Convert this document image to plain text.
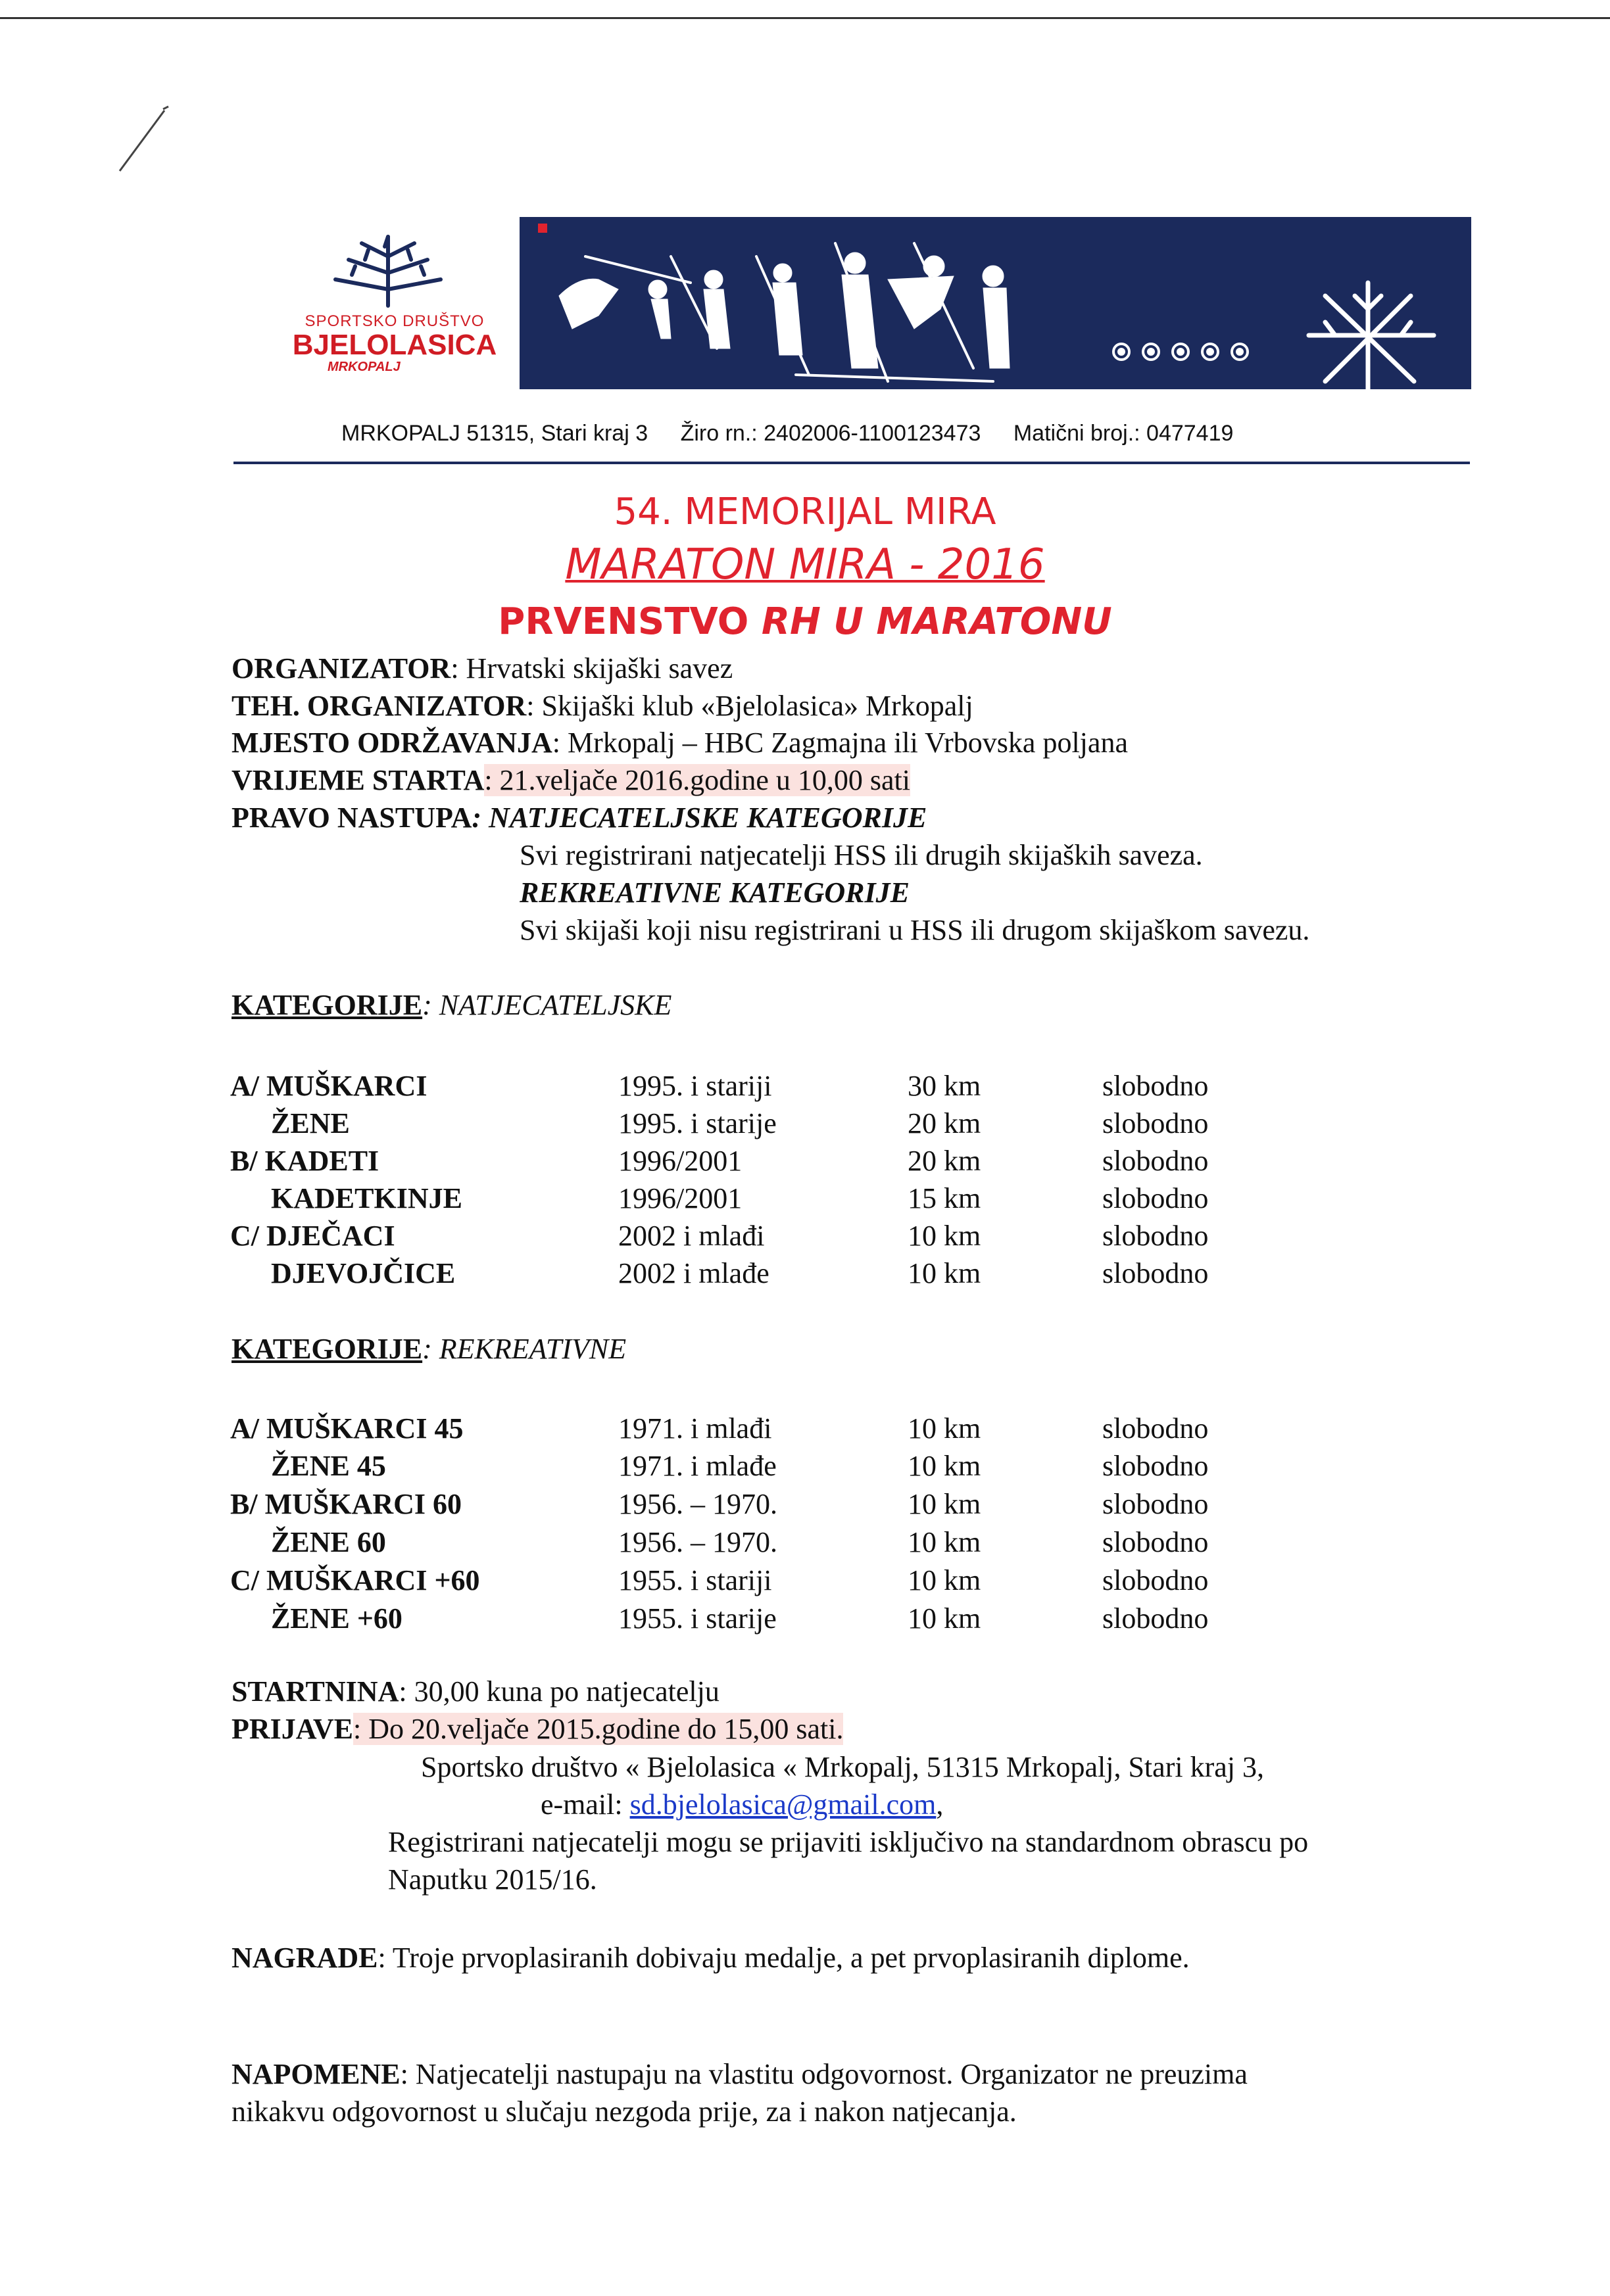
SPORTSKO DRUŠTVO
BJELOLASICA
MRKOPALJ
MRKOPALJ 51315, Stari kraj 3 Žiro rn.: 2402006-1100123473 Matični broj.: 0477419
54. MEMORIJAL MIRA
MARATON MIRA - 2016
PRVENSTVO RH U MARATONU
ORGANIZATOR: Hrvatski skijaški savez
TEH. ORGANIZATOR: Skijaški klub «Bjelolasica» Mrkopalj
MJESTO ODRŽAVANJA: Mrkopalj – HBC Zagmajna ili Vrbovska poljana
VRIJEME STARTA: 21.veljače 2016.godine u 10,00 sati
PRAVO NASTUPA: NATJECATELJSKE KATEGORIJE
Svi registrirani natjecatelji HSS ili drugih skijaških saveza.
REKREATIVNE KATEGORIJE
Svi skijaši koji nisu registrirani u HSS ili drugom skijaškom savezu.
KATEGORIJE: NATJECATELJSKE
A/ MUŠKARCI	1995. i stariji	30 km	slobodno
ŽENE	1995. i starije	20 km	slobodno
B/ KADETI	1996/2001	20 km	slobodno
KADETKINJE	1996/2001	15 km	slobodno
C/ DJEČACI	2002 i mlađi	10 km	slobodno
DJEVOJČICE	2002 i mlađe	10 km	slobodno
KATEGORIJE: REKREATIVNE
A/ MUŠKARCI 45	1971. i mlađi	10 km	slobodno
ŽENE 45	1971. i mlađe	10 km	slobodno
B/ MUŠKARCI 60	1956. – 1970.	10 km	slobodno
ŽENE 60	1956. – 1970.	10 km	slobodno
C/ MUŠKARCI +60	1955. i stariji	10 km	slobodno
ŽENE +60	1955. i starije	10 km	slobodno
STARTNINA: 30,00 kuna po natjecatelju
PRIJAVE: Do 20.veljače 2015.godine do 15,00 sati.
Sportsko društvo « Bjelolasica « Mrkopalj, 51315 Mrkopalj, Stari kraj 3,
e-mail: sd.bjelolasica@gmail.com,
Registrirani natjecatelji mogu se prijaviti isključivo na standardnom obrascu po
Naputku 2015/16.
NAGRADE: Troje prvoplasiranih dobivaju medalje, a pet prvoplasiranih diplome.
NAPOMENE: Natjecatelji nastupaju na vlastitu odgovornost. Organizator ne preuzima
nikakvu odgovornost u slučaju nezgoda prije, za i nakon natjecanja.
